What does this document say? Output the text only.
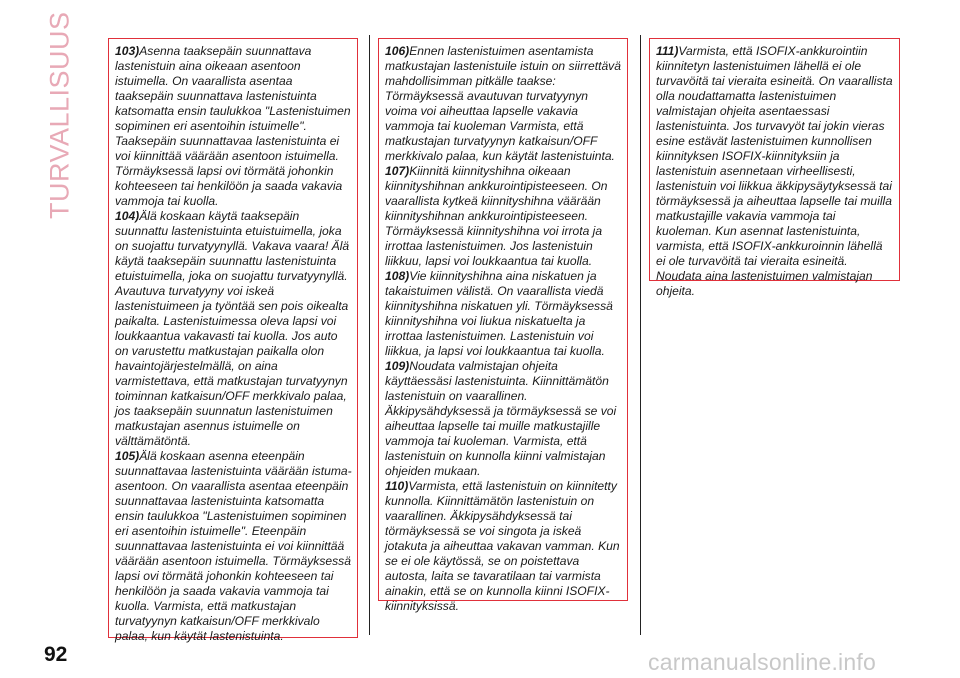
TURVALLISUUS	103)Asenna taaksepäin suunnattava lastenistuin aina oikeaan asentoon istuimella. On vaarallista asentaa taaksepäin suunnattava lastenistuinta katsomatta ensin taulukkoa "Lastenistuimen sopiminen eri asentoihin istuimelle". Taaksepäin suunnattavaa lastenistuinta ei voi kiinnittää väärään asentoon istuimella. Törmäyksessä lapsi ovi törmätä johonkin kohteeseen tai henkilöön ja saada vakavia vammoja tai kuolla.

104)Älä koskaan käytä taaksepäin suunnattu lastenistuinta etuistuimella, joka on suojattu turvatyynyllä. Vakava vaara! Älä käytä taaksepäin suunnattu lastenistuinta etuistuimella, joka on suojattu turvatyynyllä. Avautuva turvatyyny voi iskeä lastenistuimeen ja työntää sen pois oikealta paikalta. Lastenistuimessa oleva lapsi voi loukkaantua vakavasti tai kuolla. Jos auto on varustettu matkustajan paikalla olon havaintojärjestelmällä, on aina varmistettava, että matkustajan turvatyynyn toiminnan katkaisun/OFF merkkivalo palaa, jos taaksepäin suunnatun lastenistuimen matkustajan asennus istuimelle on välttämätöntä.

105)Älä koskaan asenna eteenpäin suunnattavaa lastenistuinta väärään istuma-asentoon. On vaarallista asentaa eteenpäin suunnattavaa lastenistuinta katsomatta ensin taulukkoa "Lastenistuimen sopiminen eri asentoihin istuimelle". Eteenpäin suunnattavaa lastenistuinta ei voi kiinnittää väärään asentoon istuimella. Törmäyksessä lapsi ovi törmätä johonkin kohteeseen tai henkilöön ja saada vakavia vammoja tai kuolla. Varmista, että matkustajan turvatyynyn katkaisun/OFF merkkivalo palaa, kun käytät lastenistuinta.

106)Ennen lastenistuimen asentamista matkustajan lastenistuile istuin on siirrettävä mahdollisimman pitkälle taakse: Törmäyksessä avautuvan turvatyynyn voima voi aiheuttaa lapselle vakavia vammoja tai kuoleman Varmista, että matkustajan turvatyynyn katkaisun/OFF merkkivalo palaa, kun käytät lastenistuinta.

107)Kiinnitä kiinnityshihna oikeaan kiinnityshihnan ankkurointipisteeseen. On vaarallista kytkeä kiinnityshihna väärään kiinnityshihnan ankkurointipisteeseen. Törmäyksessä kiinnityshihna voi irrota ja irrottaa lastenistuimen. Jos lastenistuin liikkuu, lapsi voi loukkaantua tai kuolla.

108)Vie kiinnityshihna aina niskatuen ja takaistuimen välistä. On vaarallista viedä kiinnityshihna niskatuen yli. Törmäyksessä kiinnityshihna voi liukua niskatuelta ja irrottaa lastenistuimen. Lastenistuin voi liikkua, ja lapsi voi loukkaantua tai kuolla.

109)Noudata valmistajan ohjeita käyttäessäsi lastenistuinta. Kiinnittämätön lastenistuin on vaarallinen. Äkkipysähdyksessä ja törmäyksessä se voi aiheuttaa lapselle tai muille matkustajille vammoja tai kuoleman. Varmista, että lastenistuin on kunnolla kiinni valmistajan ohjeiden mukaan.

110)Varmista, että lastenistuin on kiinnitetty kunnolla. Kiinnittämätön lastenistuin on vaarallinen. Äkkipysähdyksessä tai törmäyksessä se voi singota ja iskeä jotakuta ja aiheuttaa vakavan vamman. Kun se ei ole käytössä, se on poistettava autosta, laita se tavaratilaan tai varmista ainakin, että se on kunnolla kiinni ISOFIX-kiinnityksissä.

111)Varmista, että ISOFIX-ankkurointiin kiinnitetyn lastenistuimen lähellä ei ole turvavöitä tai vieraita esineitä. On vaarallista olla noudattamatta lastenistuimen valmistajan ohjeita asentaessasi lastenistuinta. Jos turvavyöt tai jokin vieras esine estävät lastenistuimen kunnollisen kiinnityksen ISOFIX-kiinnityksiin ja lastenistuin asennetaan virheellisesti, lastenistuin voi liikkua äkkipysäytyksessä tai törmäyksessä ja aiheuttaa lapselle tai muilla matkustajille vakavia vammoja tai kuoleman. Kun asennat lastenistuinta, varmista, että ISOFIX-ankkuroinnin lähellä ei ole turvavöitä tai vieraita esineitä. Noudata aina lastenistuimen valmistajan ohjeita.

92	carmanualsonline.info
